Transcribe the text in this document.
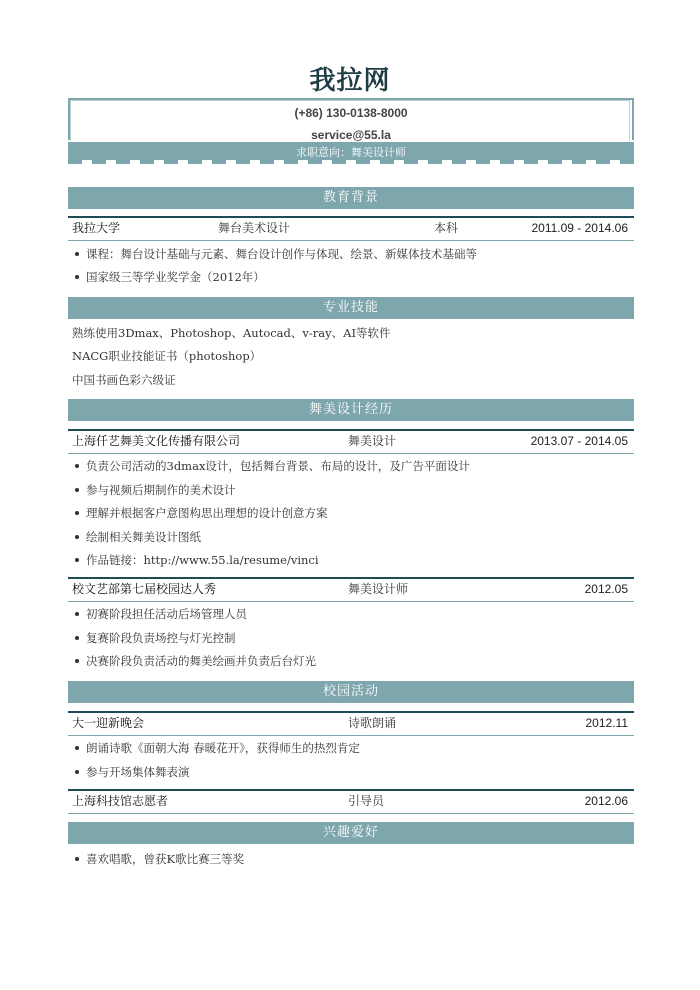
我拉网
(+86) 130-0138-8000
service@55.la
求职意向：舞美设计师
教育背景
我拉大学	舞台美术设计	本科	2011.09 - 2014.06
课程：舞台设计基础与元素、舞台设计创作与体现、绘景、新媒体技术基础等
国家级三等学业奖学金（2012年）
专业技能
熟练使用3Dmax、Photoshop、Autocad、v-ray、AI等软件
NACG职业技能证书（photoshop）
中国书画色彩六级证
舞美设计经历
上海仟艺舞美文化传播有限公司	舞美设计	2013.07 - 2014.05
负责公司活动的3dmax设计，包括舞台背景、布局的设计，及广告平面设计
参与视频后期制作的美术设计
理解并根据客户意图构思出理想的设计创意方案
绘制相关舞美设计图纸
作品链接：http://www.55.la/resume/vinci
校文艺部第七届校园达人秀	舞美设计师	2012.05
初赛阶段担任活动后场管理人员
复赛阶段负责场控与灯光控制
决赛阶段负责活动的舞美绘画并负责后台灯光
校园活动
大一迎新晚会	诗歌朗诵	2012.11
朗诵诗歌《面朝大海 春暖花开》，获得师生的热烈肯定
参与开场集体舞表演
上海科技馆志愿者	引导员	2012.06
兴趣爱好
喜欢唱歌，曾获K歌比赛三等奖
